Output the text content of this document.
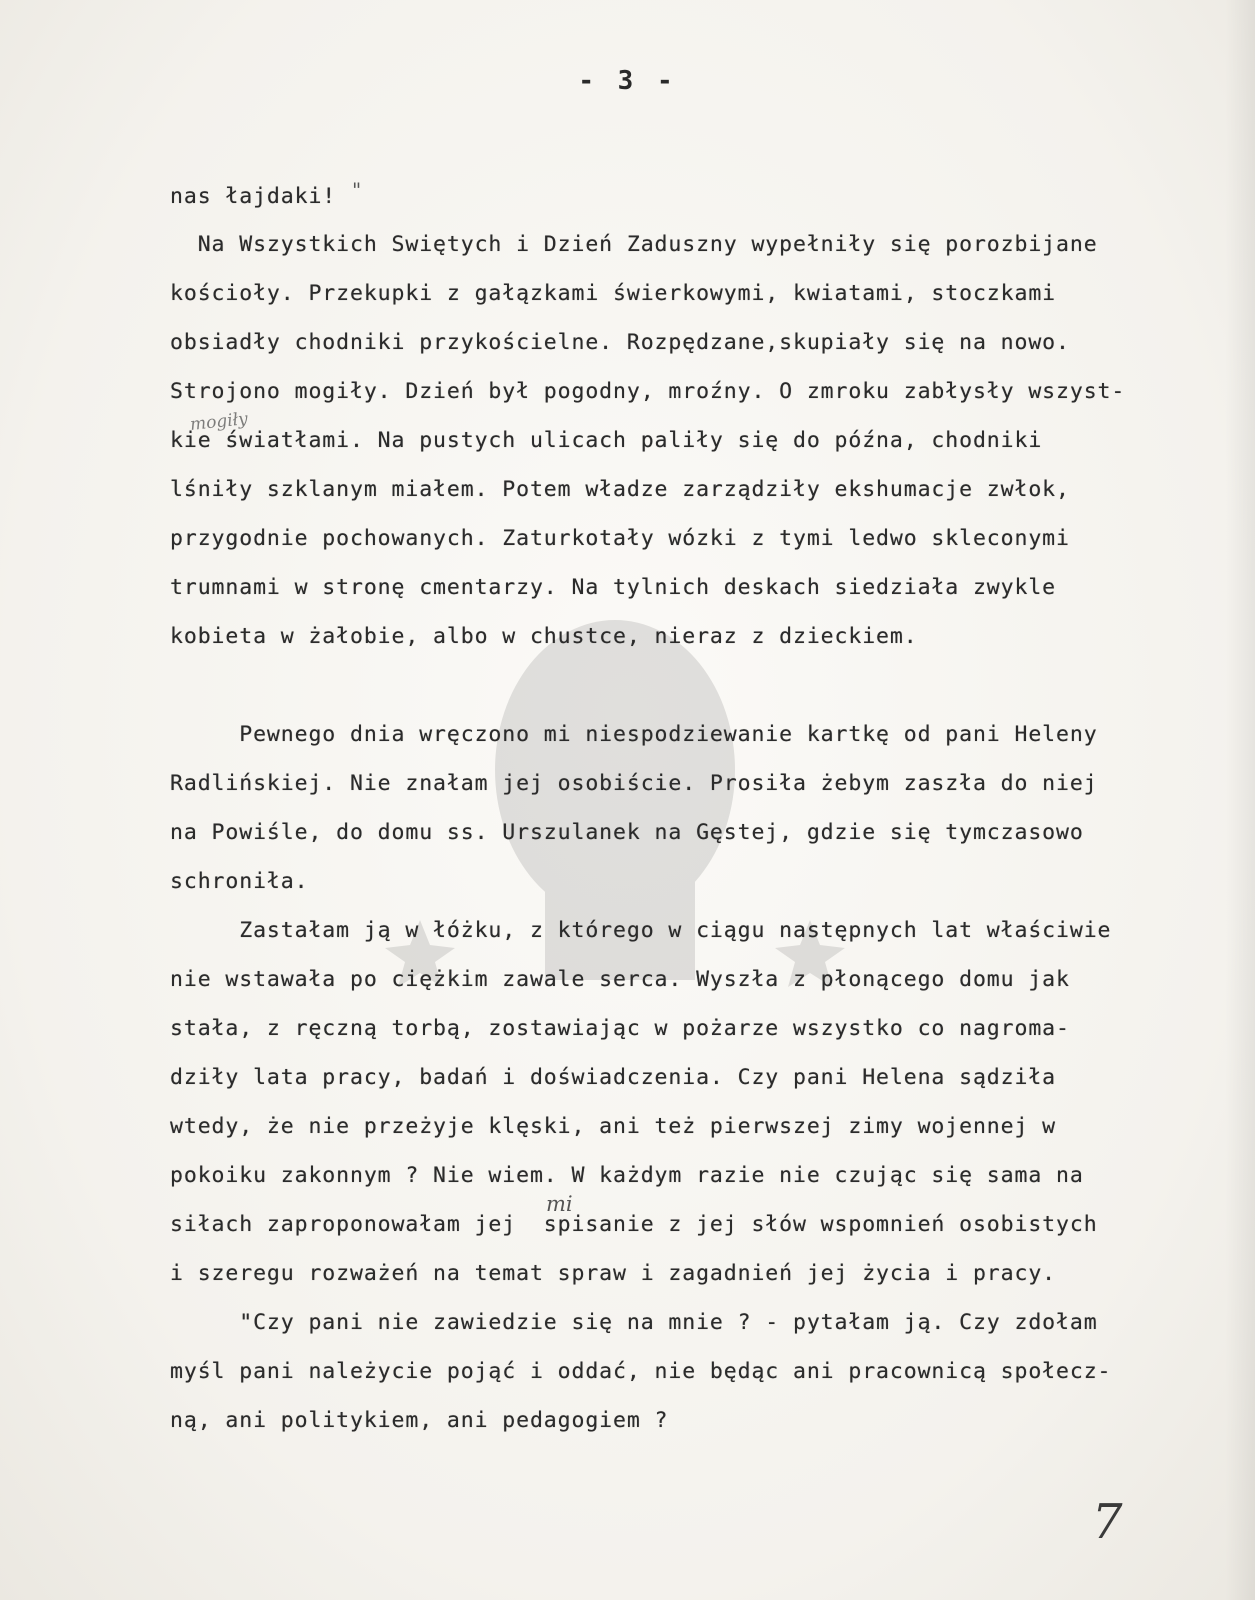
- 3 -
"
mogiły
mi
7
nas łajdaki!
Na Wszystkich Swiętych i Dzień Zaduszny wypełniły się porozbijane
kościoły. Przekupki z gałązkami świerkowymi, kwiatami, stoczkami
obsiadły chodniki przykościelne. Rozpędzane,skupiały się na nowo.
Strojono mogiły. Dzień był pogodny, mroźny. O zmroku zabłysły wszyst-
kie światłami. Na pustych ulicach paliły się do późna, chodniki
lśniły szklanym miałem. Potem władze zarządziły ekshumacje zwłok,
przygodnie pochowanych. Zaturkotały wózki z tymi ledwo skleconymi
trumnami w stronę cmentarzy. Na tylnich deskach siedziała zwykle
kobieta w żałobie, albo w chustce, nieraz z dzieckiem.
Pewnego dnia wręczono mi niespodziewanie kartkę od pani Heleny
Radlińskiej. Nie znałam jej osobiście. Prosiła żebym zaszła do niej
na Powiśle, do domu ss. Urszulanek na Gęstej, gdzie się tymczasowo
schroniła.
Zastałam ją w łóżku, z którego w ciągu następnych lat właściwie
nie wstawała po ciężkim zawale serca. Wyszła z płonącego domu jak
stała, z ręczną torbą, zostawiając w pożarze wszystko co nagroma-
dziły lata pracy, badań i doświadczenia. Czy pani Helena sądziła
wtedy, że nie przeżyje klęski, ani też pierwszej zimy wojennej w
pokoiku zakonnym ? Nie wiem. W każdym razie nie czując się sama na
siłach zaproponowałam jej  spisanie z jej słów wspomnień osobistych
i szeregu rozważeń na temat spraw i zagadnień jej życia i pracy.
"Czy pani nie zawiedzie się na mnie ? - pytałam ją. Czy zdołam
myśl pani należycie pojąć i oddać, nie będąc ani pracownicą społecz-
ną, ani politykiem, ani pedagogiem ?
